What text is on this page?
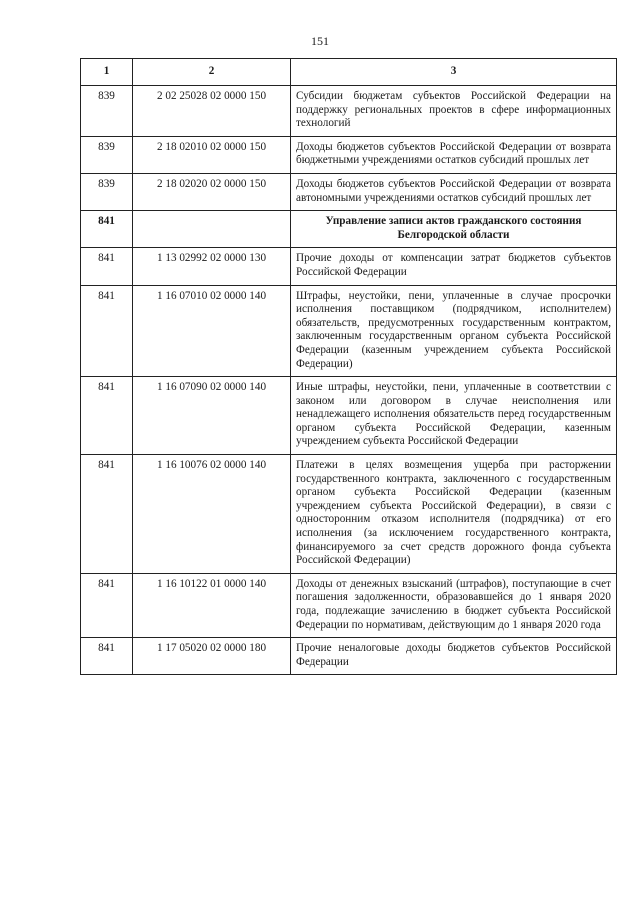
151
1	2	3
839	2 02 25028 02 0000 150	Субсидии бюджетам субъектов Российской Федерации на поддержку региональных проектов в сфере информационных технологий
839	2 18 02010 02 0000 150	Доходы бюджетов субъектов Российской Федерации от возврата бюджетными учреждениями остатков субсидий прошлых лет
839	2 18 02020 02 0000 150	Доходы бюджетов субъектов Российской Федерации от возврата автономными учреждениями остатков субсидий прошлых лет
841		Управление записи актов гражданского состояния Белгородской области
841	1 13 02992 02 0000 130	Прочие доходы от компенсации затрат бюджетов субъектов Российской Федерации
841	1 16 07010 02 0000 140	Штрафы, неустойки, пени, уплаченные в случае просрочки исполнения поставщиком (подрядчиком, исполнителем) обязательств, предусмотренных государственным контрактом, заключенным государственным органом субъекта Российской Федерации (казенным учреждением субъекта Российской Федерации)
841	1 16 07090 02 0000 140	Иные штрафы, неустойки, пени, уплаченные в соответствии с законом или договором в случае неисполнения или ненадлежащего исполнения обязательств перед государственным органом субъекта Российской Федерации, казенным учреждением субъекта Российской Федерации
841	1 16 10076 02 0000 140	Платежи в целях возмещения ущерба при расторжении государственного контракта, заключенного с государственным органом субъекта Российской Федерации (казенным учреждением субъекта Российской Федерации), в связи с односторонним отказом исполнителя (подрядчика) от его исполнения (за исключением государственного контракта, финансируемого за счет средств дорожного фонда субъекта Российской Федерации)
841	1 16 10122 01 0000 140	Доходы от денежных взысканий (штрафов), поступающие в счет погашения задолженности, образовавшейся до 1 января 2020 года, подлежащие зачислению в бюджет субъекта Российской Федерации по нормативам, действующим до 1 января 2020 года
841	1 17 05020 02 0000 180	Прочие неналоговые доходы бюджетов субъектов Российской Федерации
